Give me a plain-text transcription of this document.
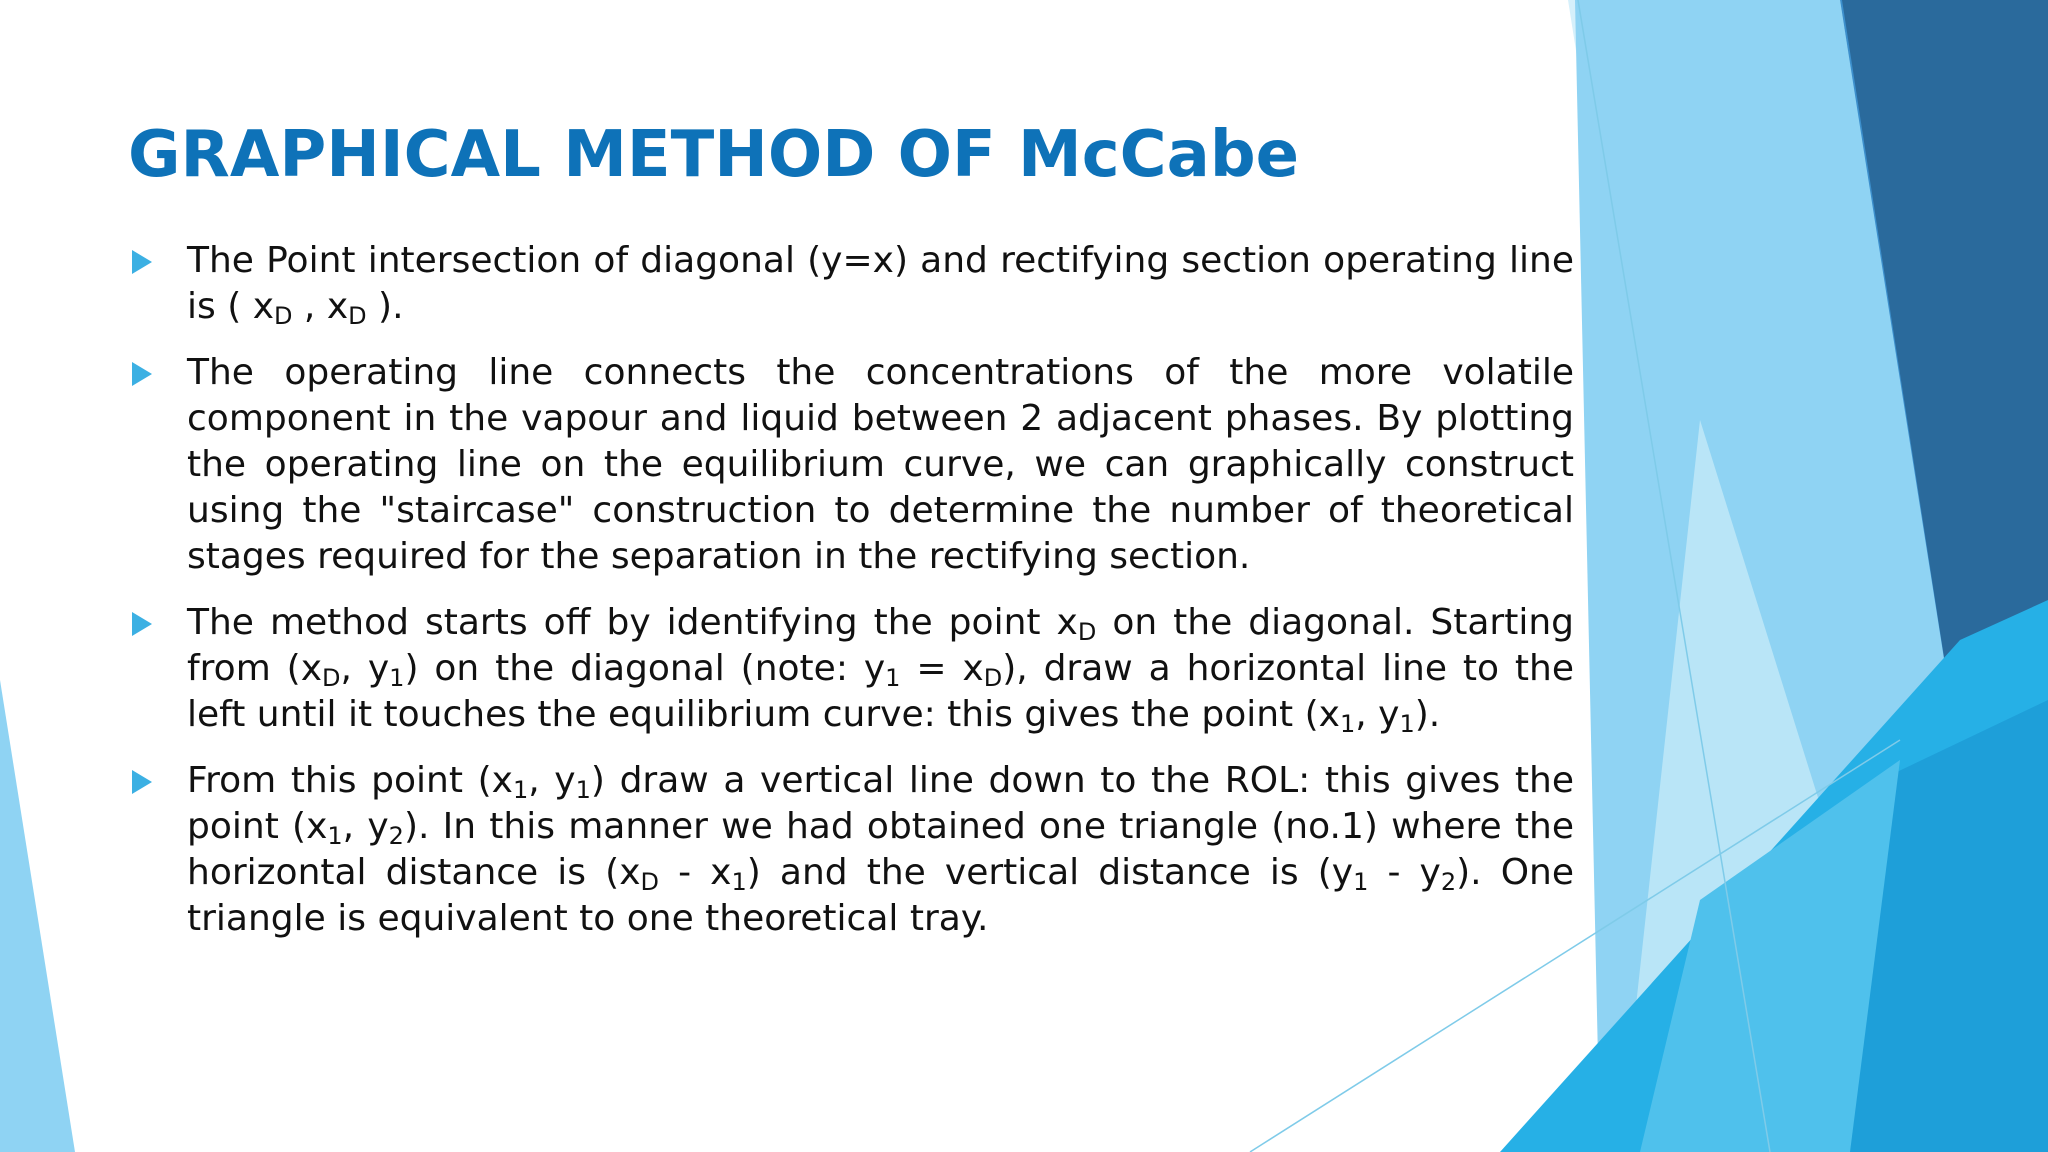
GRAPHICAL METHOD OF McCabe
The Point intersection of diagonal (y=x) and rectifying section operating line is ( $x_D$ , $x_D$ ).
The operating line connects the concentrations of the more volatile component in the vapour and liquid between 2 adjacent phases. By plotting the operating line on the equilibrium curve, we can graphically construct using the "staircase" construction to determine the number of theoretical stages required for the separation in the rectifying section.
The method starts off by identifying the point $x_D$ on the diagonal. Starting from ($x_D$, $y_1$) on the diagonal (note: $y_1 = x_D$), draw a horizontal line to the left until it touches the equilibrium curve: this gives the point ($x_1$, $y_1$).
From this point ($x_1$, $y_1$) draw a vertical line down to the ROL: this gives the point ($x_1$, $y_2$). In this manner we had obtained one triangle (no.1) where the horizontal distance is $(x_D - x_1)$ and the vertical distance is $(y_1 - y_2)$. One triangle is equivalent to one theoretical tray.
